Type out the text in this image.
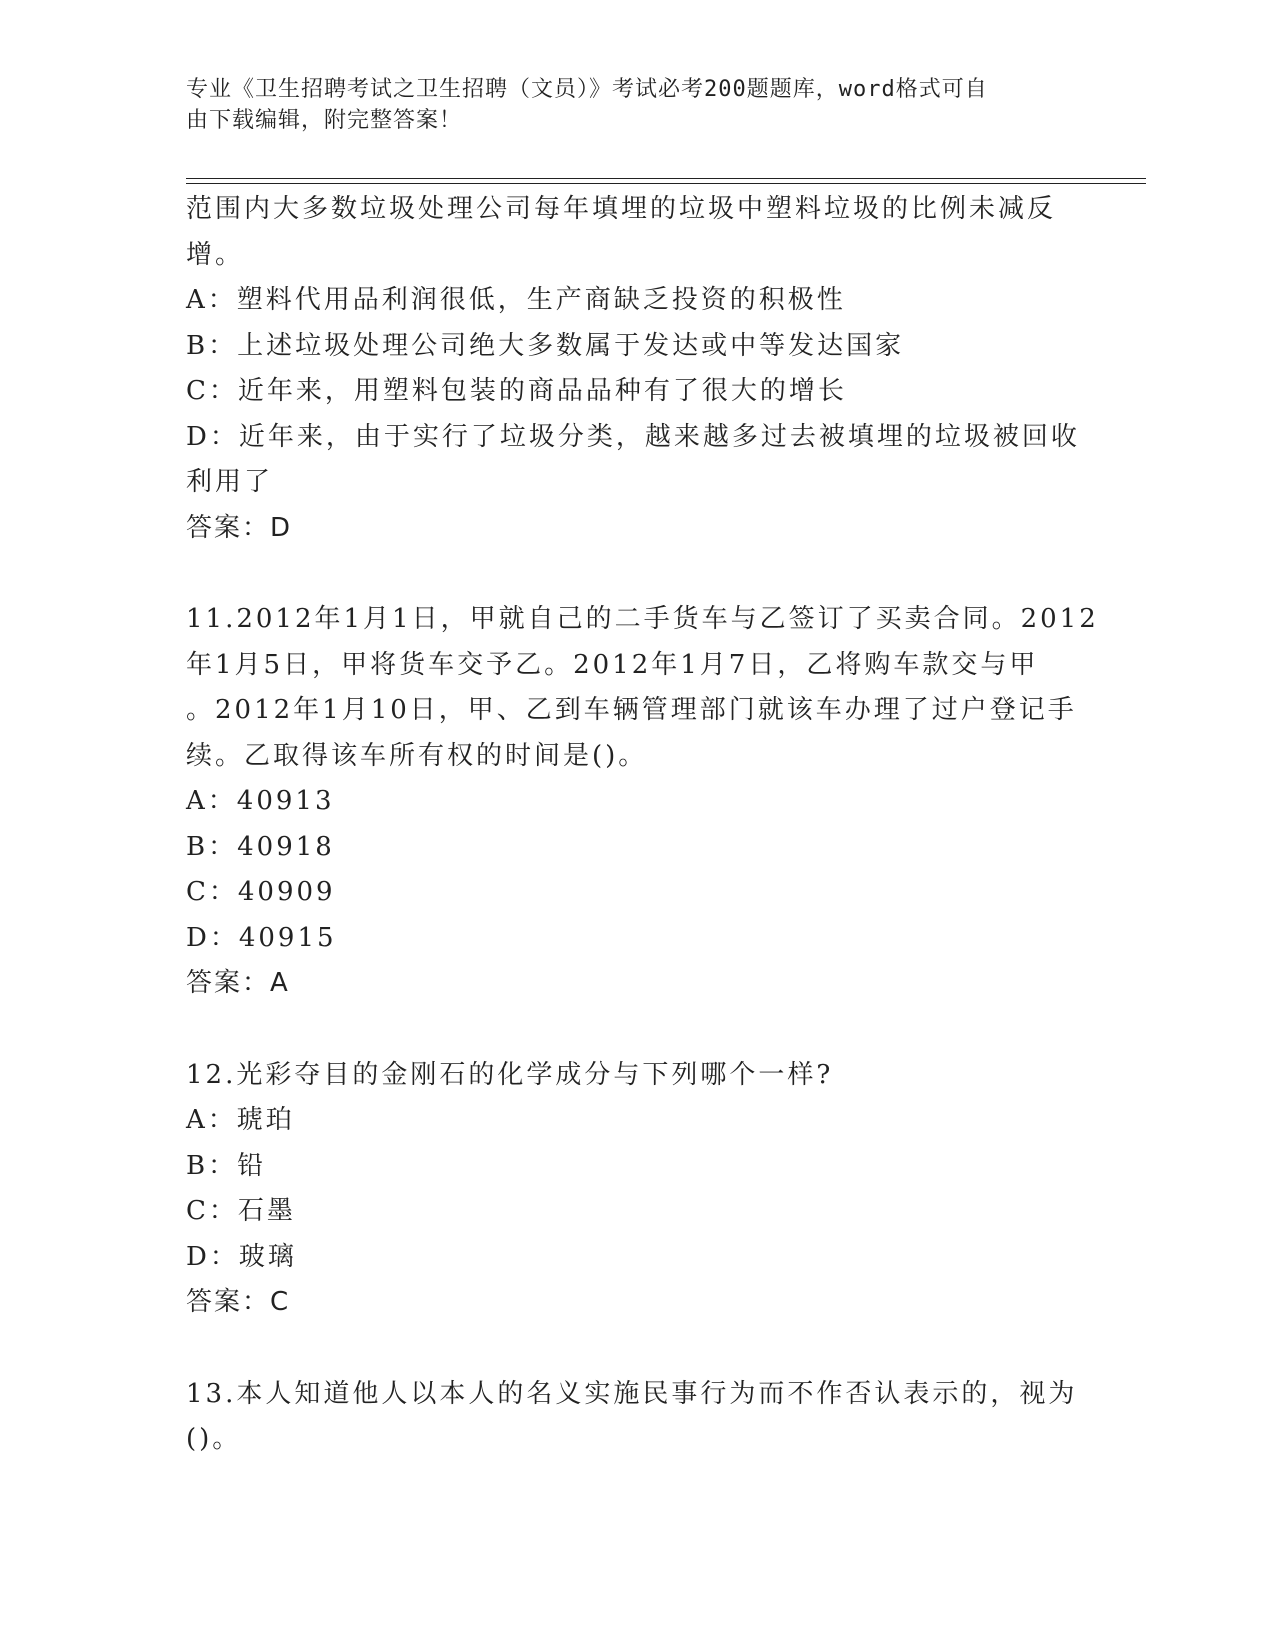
专业《卫生招聘考试之卫生招聘（文员）》考试必考200题题库，word格式可自
由下载编辑，附完整答案！
范围内大多数垃圾处理公司每年填埋的垃圾中塑料垃圾的比例未减反
增。
A：塑料代用品利润很低，生产商缺乏投资的积极性
B：上述垃圾处理公司绝大多数属于发达或中等发达国家
C：近年来，用塑料包装的商品品种有了很大的增长
D：近年来，由于实行了垃圾分类，越来越多过去被填埋的垃圾被回收
利用了
答案：D
11.2012年1月1日，甲就自己的二手货车与乙签订了买卖合同。2012
年1月5日，甲将货车交予乙。2012年1月7日，乙将购车款交与甲
。2012年1月10日，甲、乙到车辆管理部门就该车办理了过户登记手
续。乙取得该车所有权的时间是()。
A：40913
B：40918
C：40909
D：40915
答案：A
12.光彩夺目的金刚石的化学成分与下列哪个一样?
A：琥珀
B：铅
C：石墨
D：玻璃
答案：C
13.本人知道他人以本人的名义实施民事行为而不作否认表示的，视为
()。
